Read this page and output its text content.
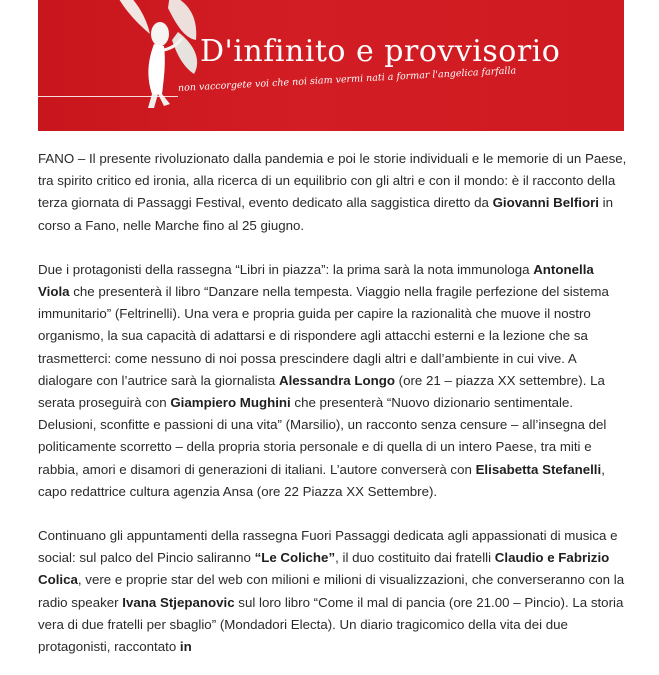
D'infinito e provvisorio
non vaccorgete voi che noi siam vermi nati a formar l'angelica farfalla

FANO – Il presente rivoluzionato dalla pandemia e poi le storie individuali e le memorie di un Paese, tra spirito critico ed ironia, alla ricerca di un equilibrio con gli altri e con il mondo: è il racconto della terza giornata di Passaggi Festival, evento dedicato alla saggistica diretto da Giovanni Belfiori in corso a Fano, nelle Marche fino al 25 giugno.

Due i protagonisti della rassegna “Libri in piazza”: la prima sarà la nota immunologa Antonella Viola che presenterà il libro “Danzare nella tempesta. Viaggio nella fragile perfezione del sistema immunitario” (Feltrinelli). Una vera e propria guida per capire la razionalità che muove il nostro organismo, la sua capacità di adattarsi e di rispondere agli attacchi esterni e la lezione che sa trasmetterci: come nessuno di noi possa prescindere dagli altri e dall’ambiente in cui vive. A dialogare con l’autrice sarà la giornalista Alessandra Longo (ore 21 – piazza XX settembre). La serata proseguirà con Giampiero Mughini che presenterà “Nuovo dizionario sentimentale. Delusioni, sconfitte e passioni di una vita” (Marsilio), un racconto senza censure – all’insegna del politicamente scorretto – della propria storia personale e di quella di un intero Paese, tra miti e rabbia, amori e disamori di generazioni di italiani. L’autore converserà con Elisabetta Stefanelli, capo redattrice cultura agenzia Ansa (ore 22 Piazza XX Settembre).

Continuano gli appuntamenti della rassegna Fuori Passaggi dedicata agli appassionati di musica e social: sul palco del Pincio saliranno “Le Coliche”, il duo costituito dai fratelli Claudio e Fabrizio Colica, vere e proprie star del web con milioni e milioni di visualizzazioni, che converseranno con la radio speaker Ivana Stjepanovic sul loro libro “Come il mal di pancia (ore 21.00 – Pincio). La storia vera di due fratelli per sbaglio” (Mondadori Electa). Un diario tragicomico della vita dei due protagonisti, raccontato in
